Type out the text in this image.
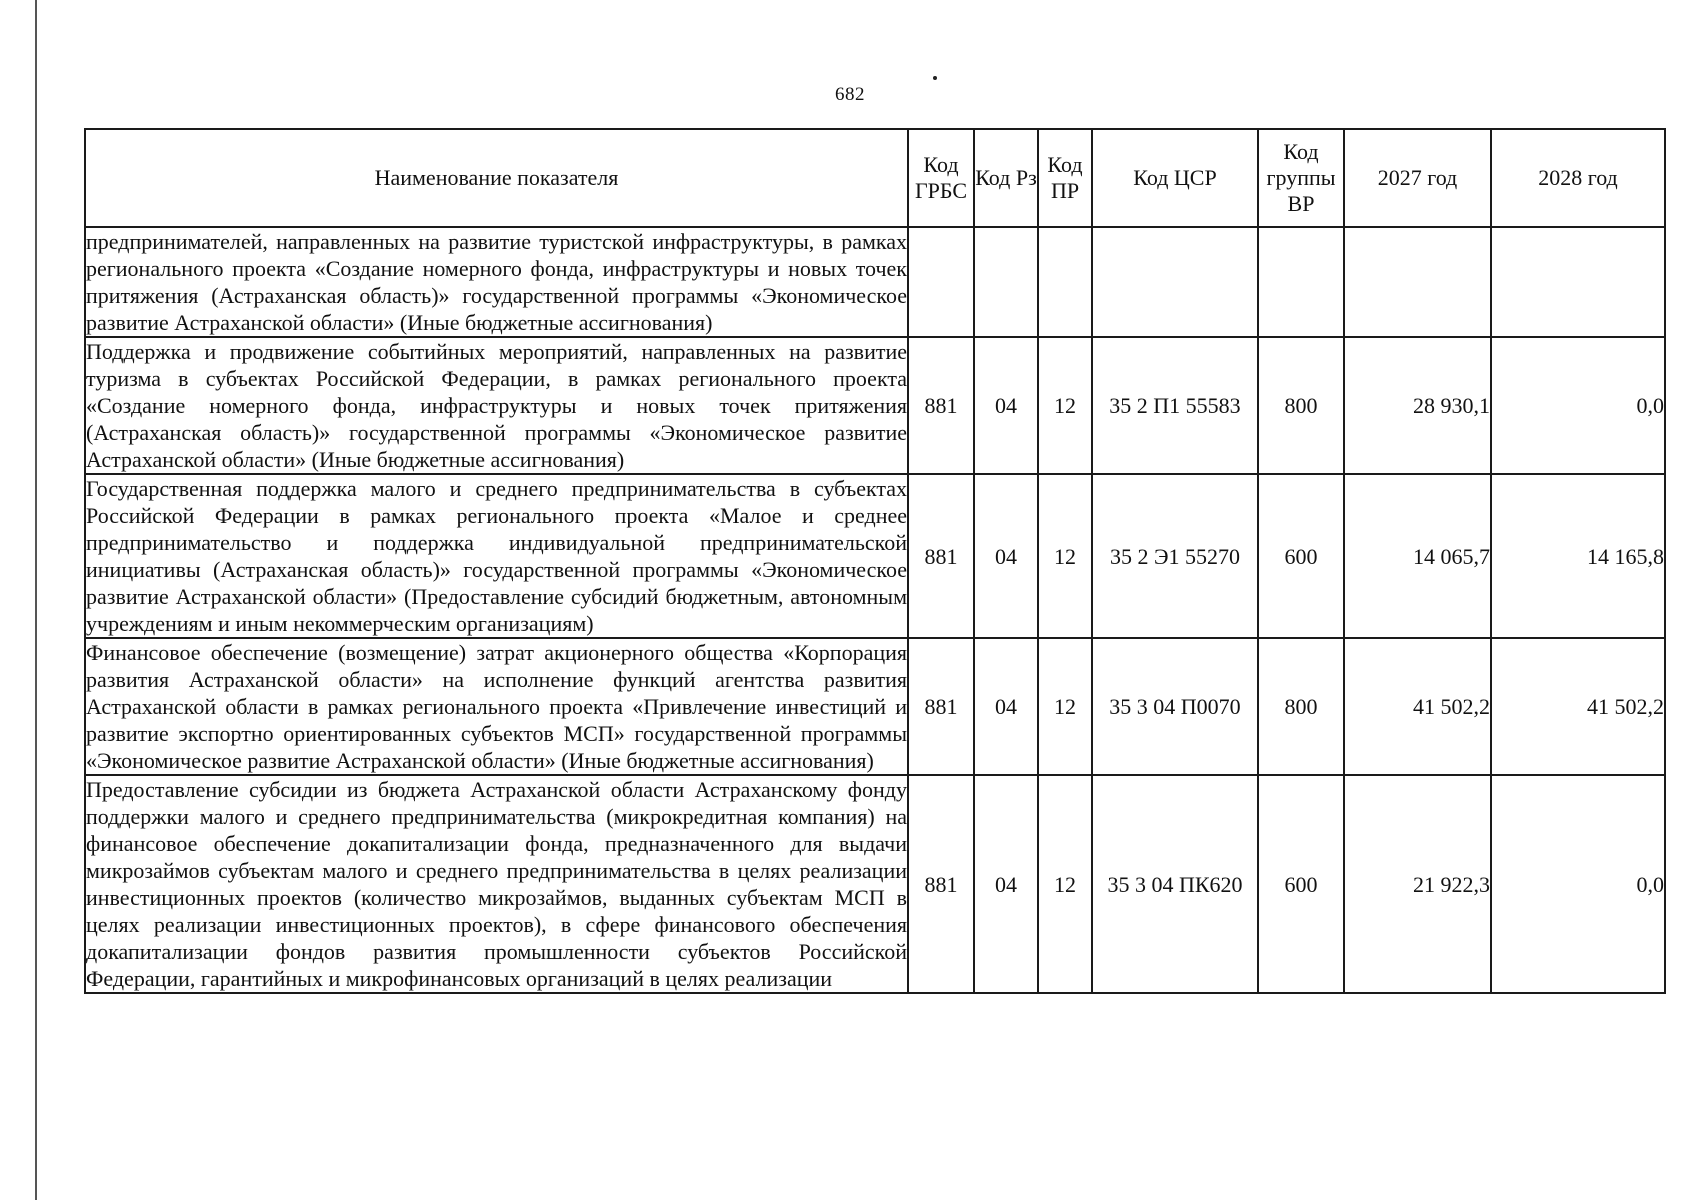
682
Наименование показателя	Код ГРБС	Код Рз	Код ПР	Код ЦСР	Код группы ВР	2027 год	2028 год
предпринимателей, направленных на развитие туристской инфраструктуры, в рамках регионального проекта «Создание номерного фонда, инфраструктуры и новых точек притяжения (Астраханская область)» государственной программы «Экономическое развитие Астраханской области» (Иные бюджетные ассигнования)							
Поддержка и продвижение событийных мероприятий, направленных на развитие туризма в субъектах Российской Федерации, в рамках регионального проекта «Создание номерного фонда, инфраструктуры и новых точек притяжения (Астраханская область)» государственной программы «Экономическое развитие Астраханской области» (Иные бюджетные ассигнования)	881	04	12	35 2 П1 55583	800	28 930,1	0,0
Государственная поддержка малого и среднего предпринимательства в субъектах Российской Федерации в рамках регионального проекта «Малое и среднее предпринимательство и поддержка индивидуальной предпринимательской инициативы (Астраханская область)» государственной программы «Экономическое развитие Астраханской области» (Предоставление субсидий бюджетным, автономным учреждениям и иным некоммерческим организациям)	881	04	12	35 2 Э1 55270	600	14 065,7	14 165,8
Финансовое обеспечение (возмещение) затрат акционерного общества «Корпорация развития Астраханской области» на исполнение функций агентства развития Астраханской области в рамках регионального проекта «Привлечение инвестиций и развитие экспортно ориентированных субъектов МСП» государственной программы «Экономическое развитие Астраханской области» (Иные бюджетные ассигнования)	881	04	12	35 3 04 П0070	800	41 502,2	41 502,2
Предоставление субсидии из бюджета Астраханской области Астраханскому фонду поддержки малого и среднего предпринимательства (микрокредитная компания) на финансовое обеспечение докапитализации фонда, предназначенного для выдачи микрозаймов субъектам малого и среднего предпринимательства в целях реализации инвестиционных проектов (количество микрозаймов, выданных субъектам МСП в целях реализации инвестиционных проектов), в сфере финансового обеспечения докапитализации фондов развития промышленности субъектов Российской Федерации, гарантийных и микрофинансовых организаций в целях реализации	881	04	12	35 3 04 ПК620	600	21 922,3	0,0
